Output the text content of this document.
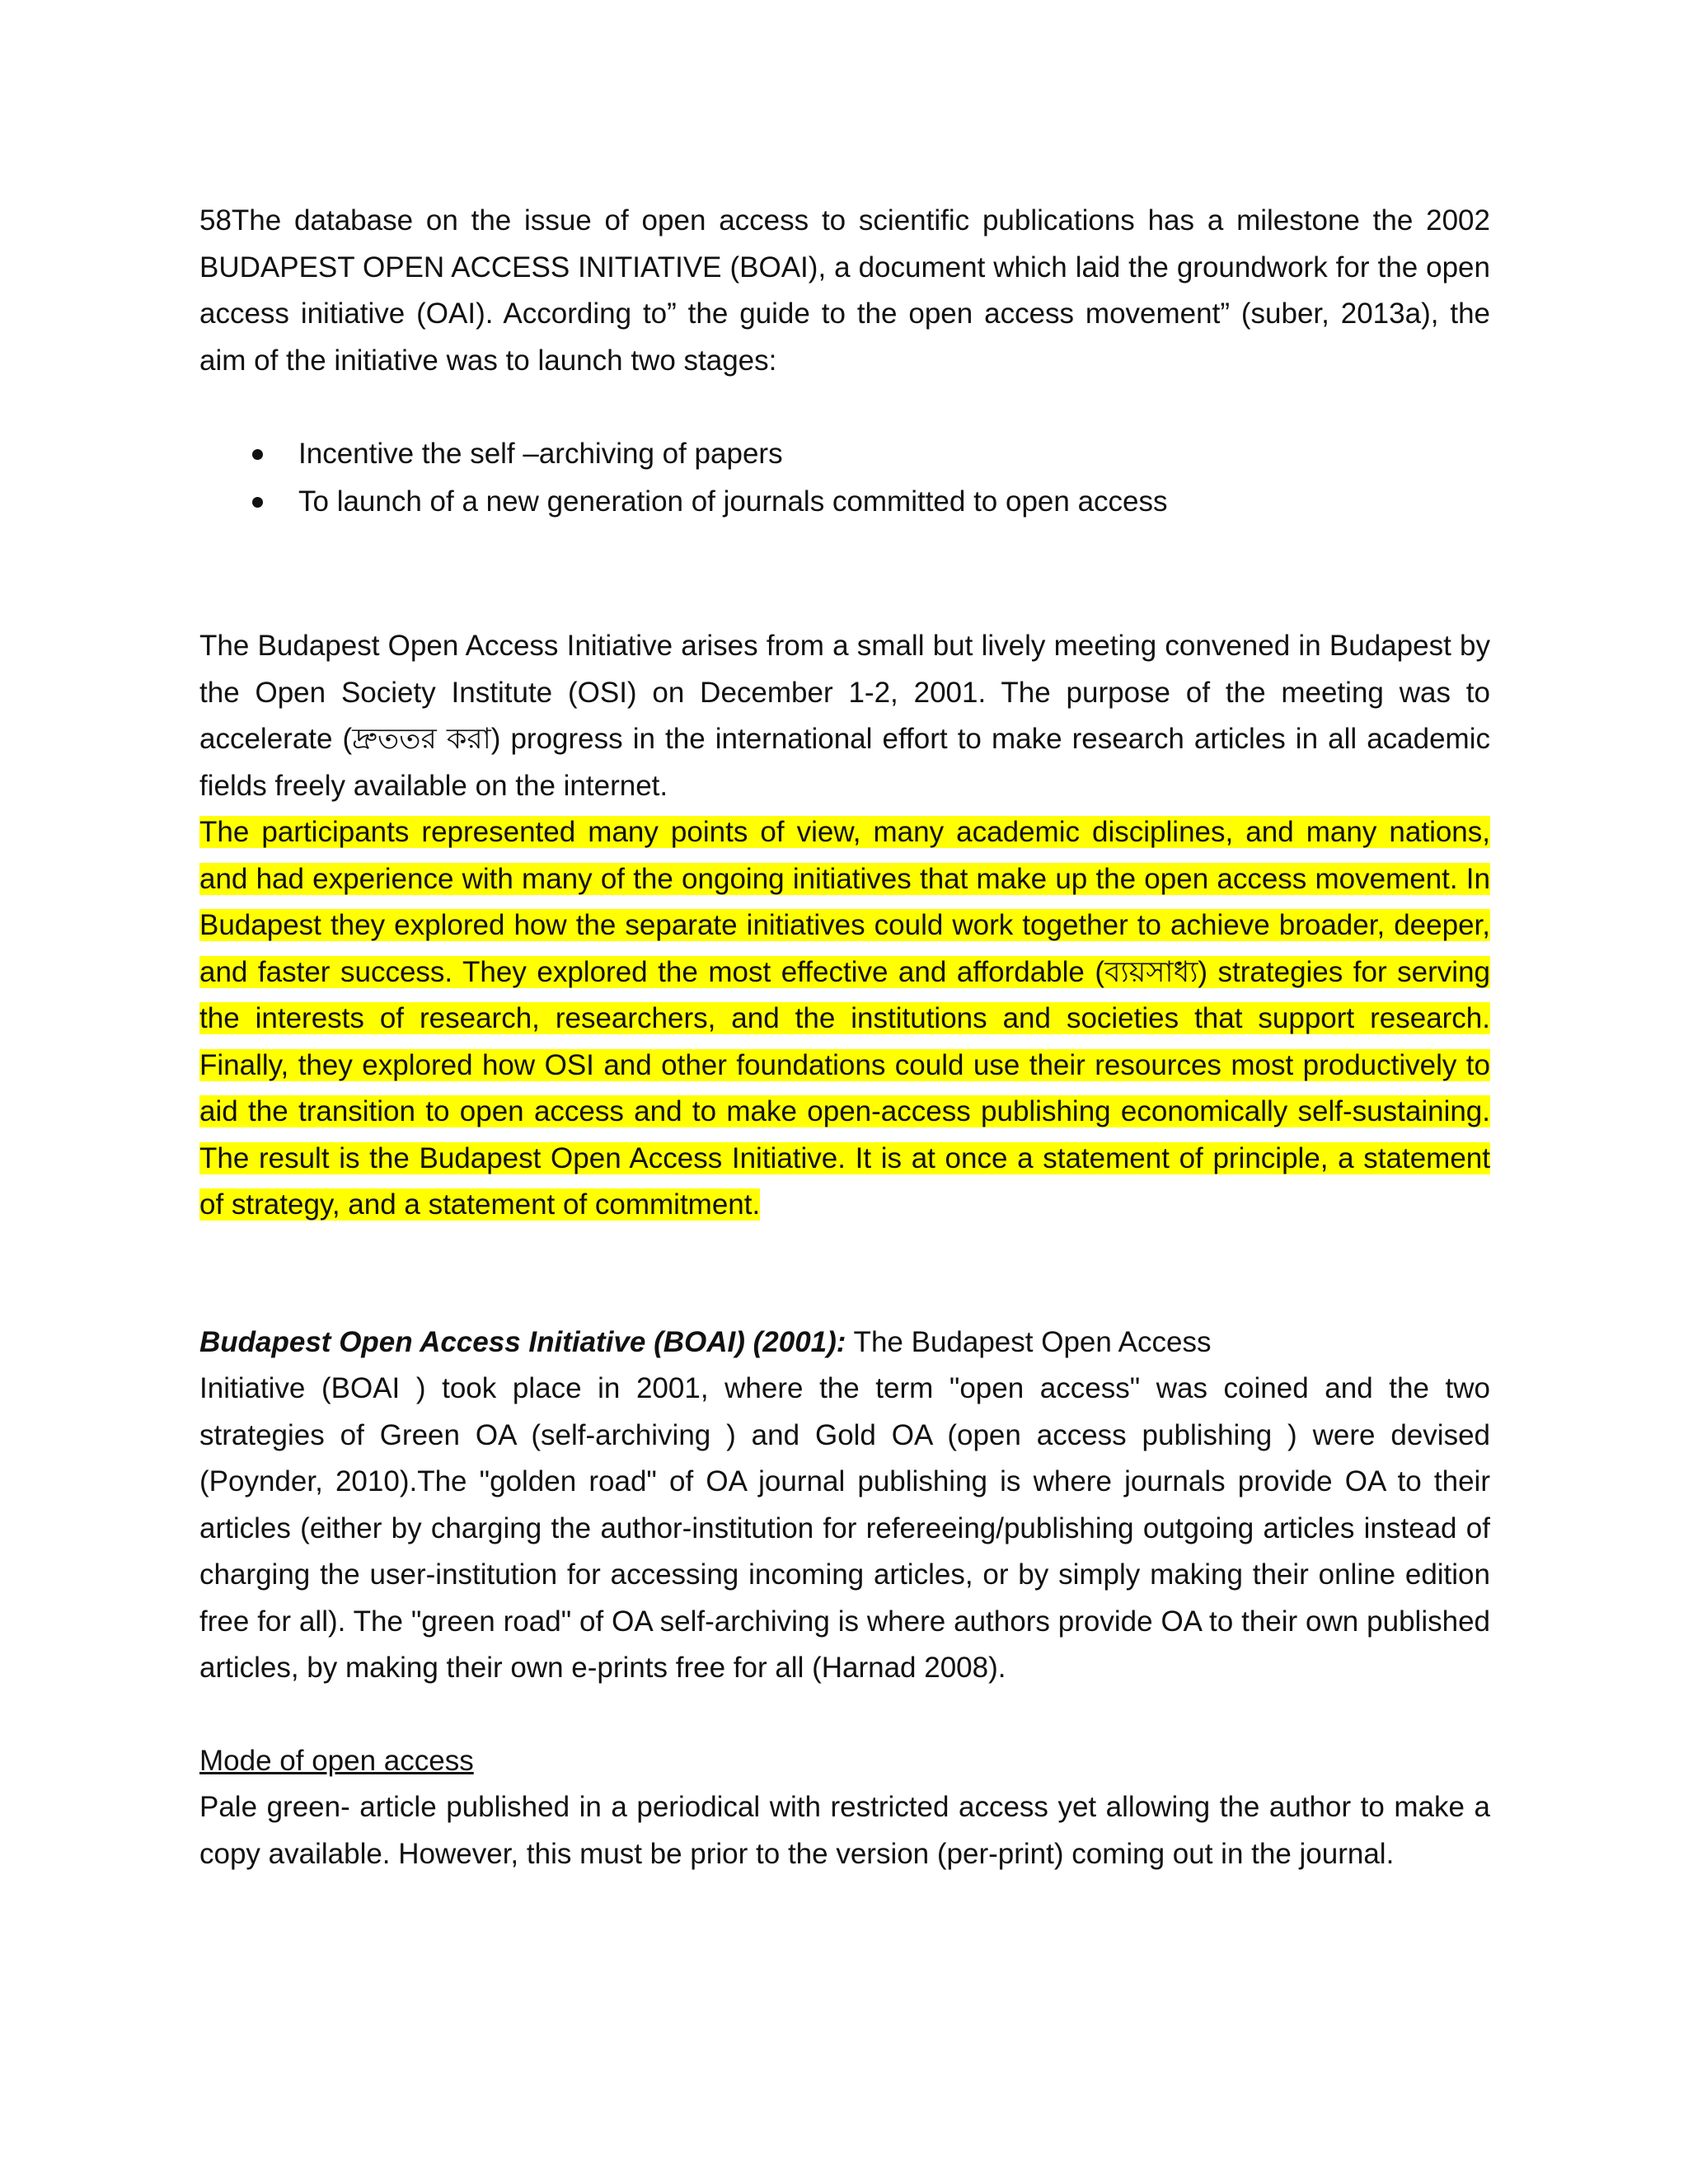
58The database on the issue of open access to scientific publications has a milestone the 2002 BUDAPEST OPEN ACCESS INITIATIVE (BOAI), a document which laid the groundwork for the open access initiative (OAI). According to” the guide to the open access movement” (suber, 2013a), the aim of the initiative was to launch two stages:

Incentive the self –archiving of papers
To launch of a new generation of journals committed to open access

The Budapest Open Access Initiative arises from a small but lively meeting convened in Budapest by the Open Society Institute (OSI) on December 1-2, 2001. The purpose of the meeting was to accelerate (দ্রুততর করা) progress in the international effort to make research articles in all academic fields freely available on the internet.

The participants represented many points of view, many academic disciplines, and many nations, and had experience with many of the ongoing initiatives that make up the open access movement. In Budapest they explored how the separate initiatives could work together to achieve broader, deeper, and faster success. They explored the most effective and affordable (ব্যয়সাধ্য) strategies for serving the interests of research, researchers, and the institutions and societies that support research. Finally, they explored how OSI and other foundations could use their resources most productively to aid the transition to open access and to make open-access publishing economically self-sustaining. The result is the Budapest Open Access Initiative. It is at once a statement of principle, a statement of strategy, and a statement of commitment.

Budapest Open Access Initiative (BOAI) (2001): The Budapest Open Access

Initiative (BOAI ) took place in 2001, where the term "open access" was coined and the two strategies of Green OA (self-archiving ) and Gold OA (open access publishing ) were devised (Poynder, 2010).The "golden road" of OA journal publishing is where journals provide OA to their articles (either by charging the author-institution for refereeing/publishing outgoing articles instead of charging the user-institution for accessing incoming articles, or by simply making their online edition free for all). The "green road" of OA self-archiving is where authors provide OA to their own published articles, by making their own e-prints free for all (Harnad 2008).

Mode of open access

Pale green- article published in a periodical with restricted access yet allowing the author to make a copy available. However, this must be prior to the version (per-print) coming out in the journal.
